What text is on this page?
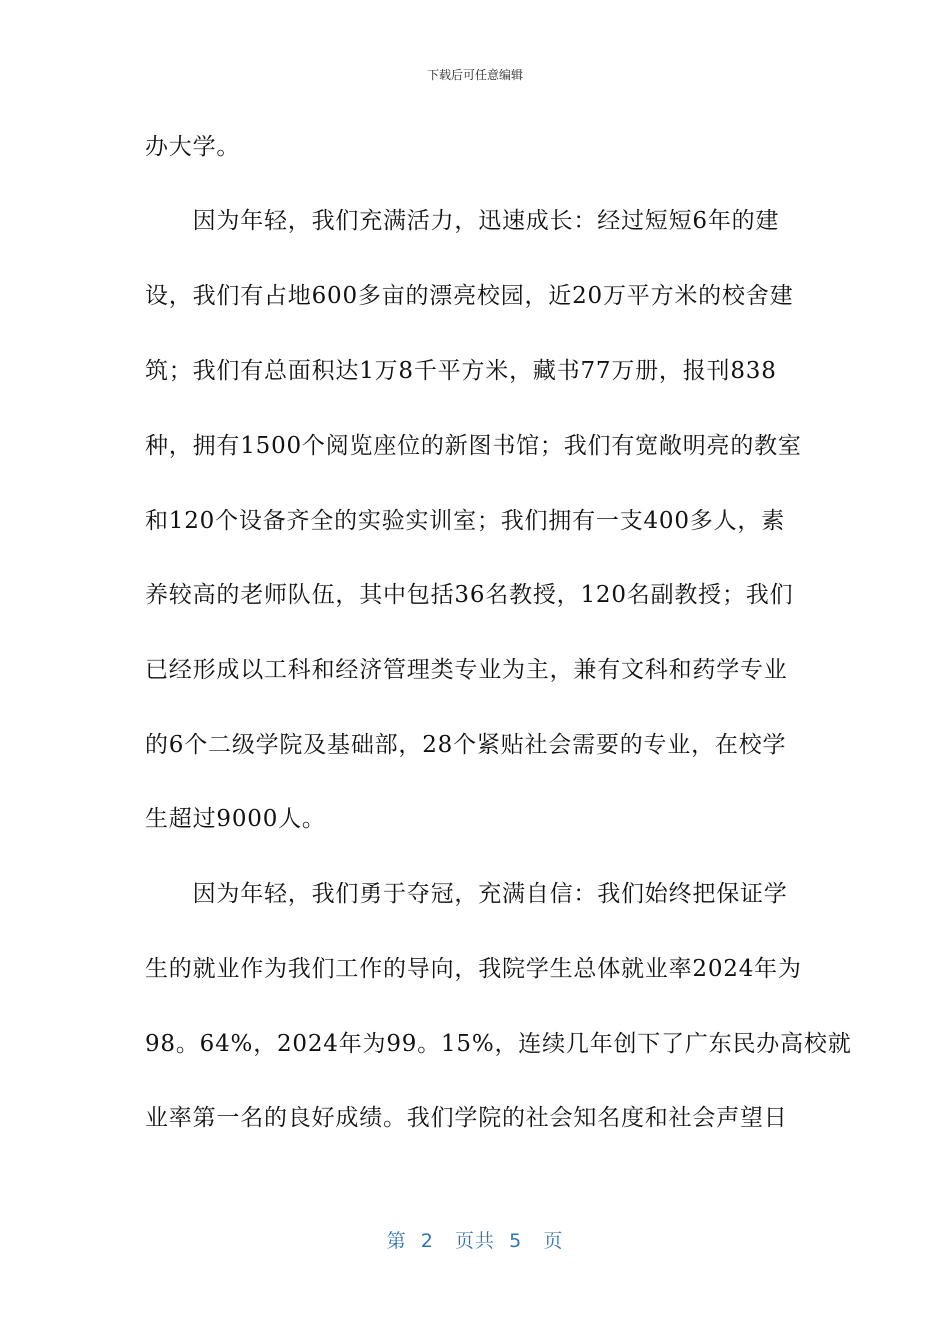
下载后可任意编辑
办大学。
　　因为年轻，我们充满活力，迅速成长：经过短短6年的建
设，我们有占地600多亩的漂亮校园，近20万平方米的校舍建
筑；我们有总面积达1万8千平方米，藏书77万册，报刊838
种，拥有1500个阅览座位的新图书馆；我们有宽敞明亮的教室
和120个设备齐全的实验实训室；我们拥有一支400多人，素
养较高的老师队伍，其中包括36名教授，120名副教授；我们
已经形成以工科和经济管理类专业为主，兼有文科和药学专业
的6个二级学院及基础部，28个紧贴社会需要的专业，在校学
生超过9000人。
　　因为年轻，我们勇于夺冠，充满自信：我们始终把保证学
生的就业作为我们工作的导向，我院学生总体就业率2024年为
98。64%，2024年为99。15%，连续几年创下了广东民办高校就
业率第一名的良好成绩。我们学院的社会知名度和社会声望日
第 2 页共 5 页
